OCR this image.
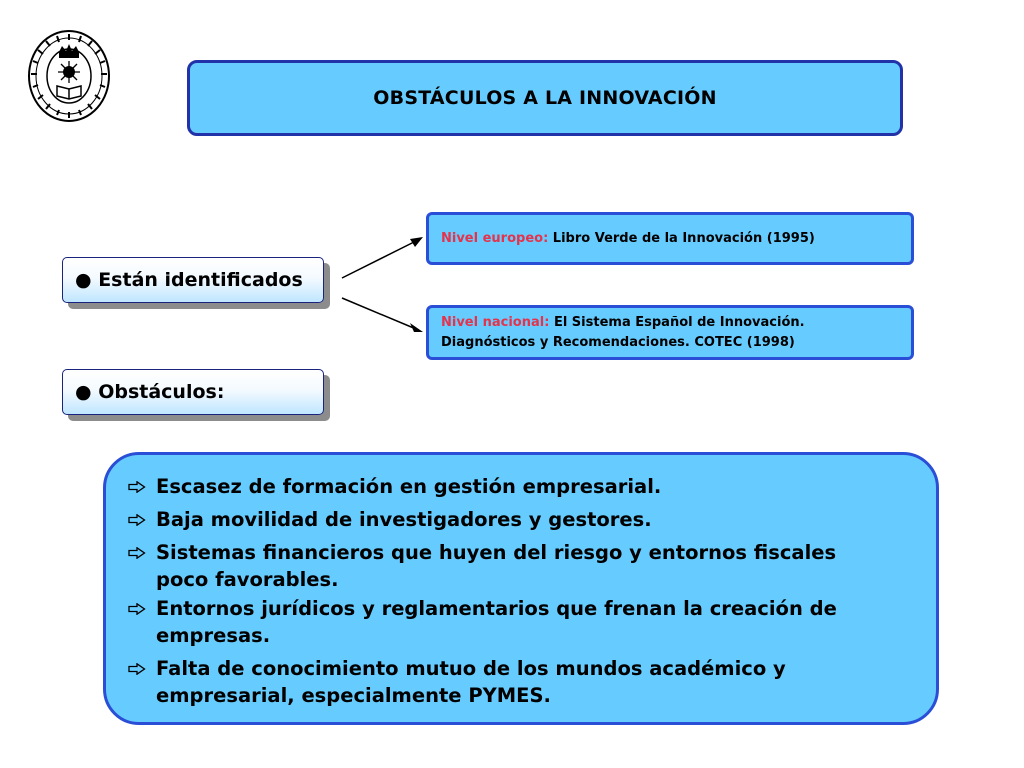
OBSTÁCULOS A LA INNOVACIÓN
● Están identificados
● Obstáculos:
Nivel europeo: Libro Verde de la Innovación (1995)
Nivel nacional: El Sistema Español de Innovación.
Diagnósticos y Recomendaciones. COTEC (1998)
Escasez de formación en gestión empresarial.
Baja movilidad de investigadores y gestores.
Sistemas financieros que huyen del riesgo y entornos fiscales poco favorables.
Entornos jurídicos y reglamentarios que frenan la creación de empresas.
Falta de conocimiento mutuo de los mundos académico y empresarial, especialmente PYMES.
